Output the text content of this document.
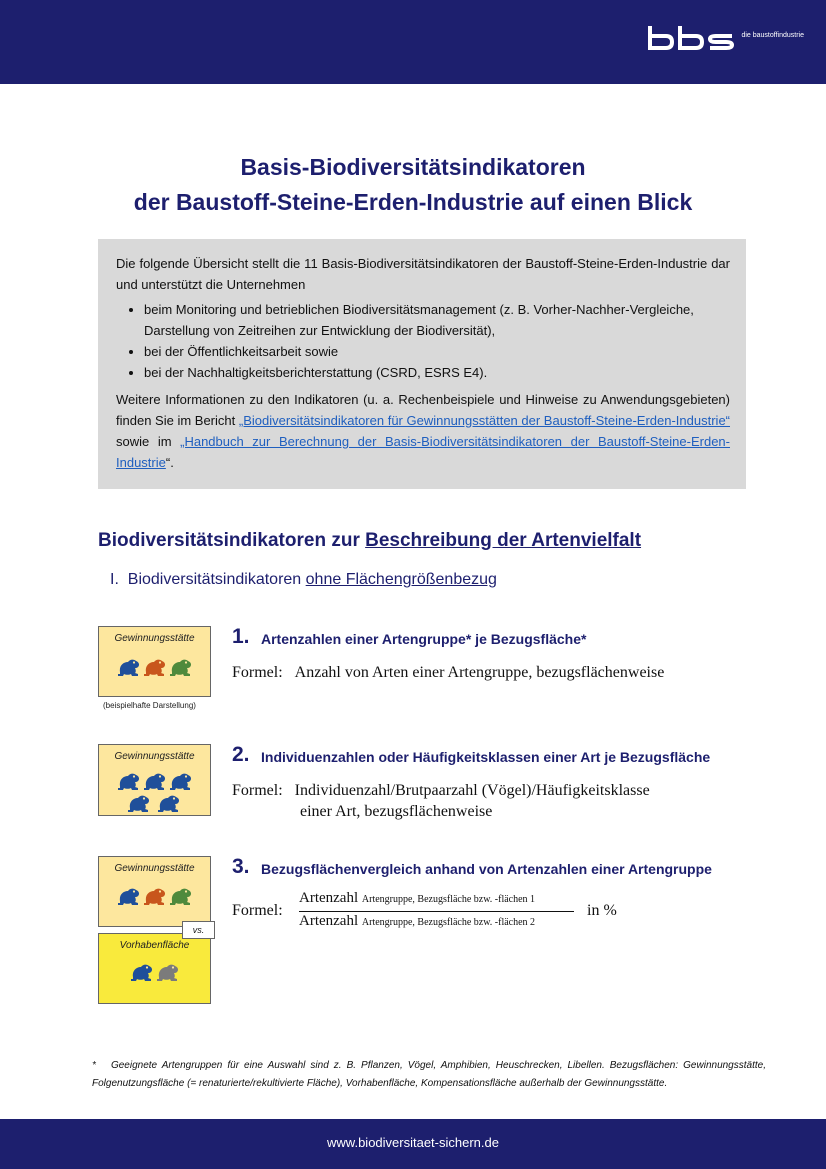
die baustoffindustrie
Basis-Biodiversitätsindikatoren
der Baustoff-Steine-Erden-Industrie auf einen Blick

Die folgende Übersicht stellt die 11 Basis-Biodiversitätsindikatoren der Baustoff-Steine-Erden-Industrie dar und unterstützt die Unternehmen

• beim Monitoring und betrieblichen Biodiversitätsmanagement (z. B. Vorher-Nachher-Vergleiche, Darstellung von Zeitreihen zur Entwicklung der Biodiversität),
• bei der Öffentlichkeitsarbeit sowie
• bei der Nachhaltigkeitsberichterstattung (CSRD, ESRS E4).

Weitere Informationen zu den Indikatoren (u. a. Rechenbeispiele und Hinweise zu Anwendungsgebieten) finden Sie im Bericht „Biodiversitätsindikatoren für Gewinnungsstätten der Baustoff-Steine-Erden-Industrie“ sowie im „Handbuch zur Berechnung der Basis-Biodiversitätsindikatoren der Baustoff-Steine-Erden-Industrie“.

Biodiversitätsindikatoren zur Beschreibung der Artenvielfalt
I. Biodiversitätsindikatoren ohne Flächengrößenbezug
Gewinnungsstätte
(beispielhafte Darstellung)
1. Artenzahlen einer Artengruppe* je Bezugsfläche*
Formel: Anzahl von Arten einer Artengruppe, bezugsflächenweise
Gewinnungsstätte	2. Individuenzahlen oder Häufigkeitsklassen einer Art je Bezugsfläche
Formel: Individuenzahl/Brutpaarzahl (Vögel)/Häufigkeitsklasse
einer Art, bezugsflächenweise
Gewinnungsstätte
Vorhabenfläche
vs.
3. Bezugsflächenvergleich anhand von Artenzahlen einer Artengruppe
Formel:
Artenzahl Artengruppe, Bezugsfläche bzw. -flächen 1
Artenzahl Artengruppe, Bezugsfläche bzw. -flächen 2
in %
* Geeignete Artengruppen für eine Auswahl sind z. B. Pflanzen, Vögel, Amphibien, Heuschrecken, Libellen. Bezugsflächen: Gewinnungsstätte, Folgenutzungsfläche (= renaturierte/rekultivierte Fläche), Vorhabenfläche, Kompensationsfläche außerhalb der Gewinnungsstätte.
www.biodiversitaet-sichern.de
